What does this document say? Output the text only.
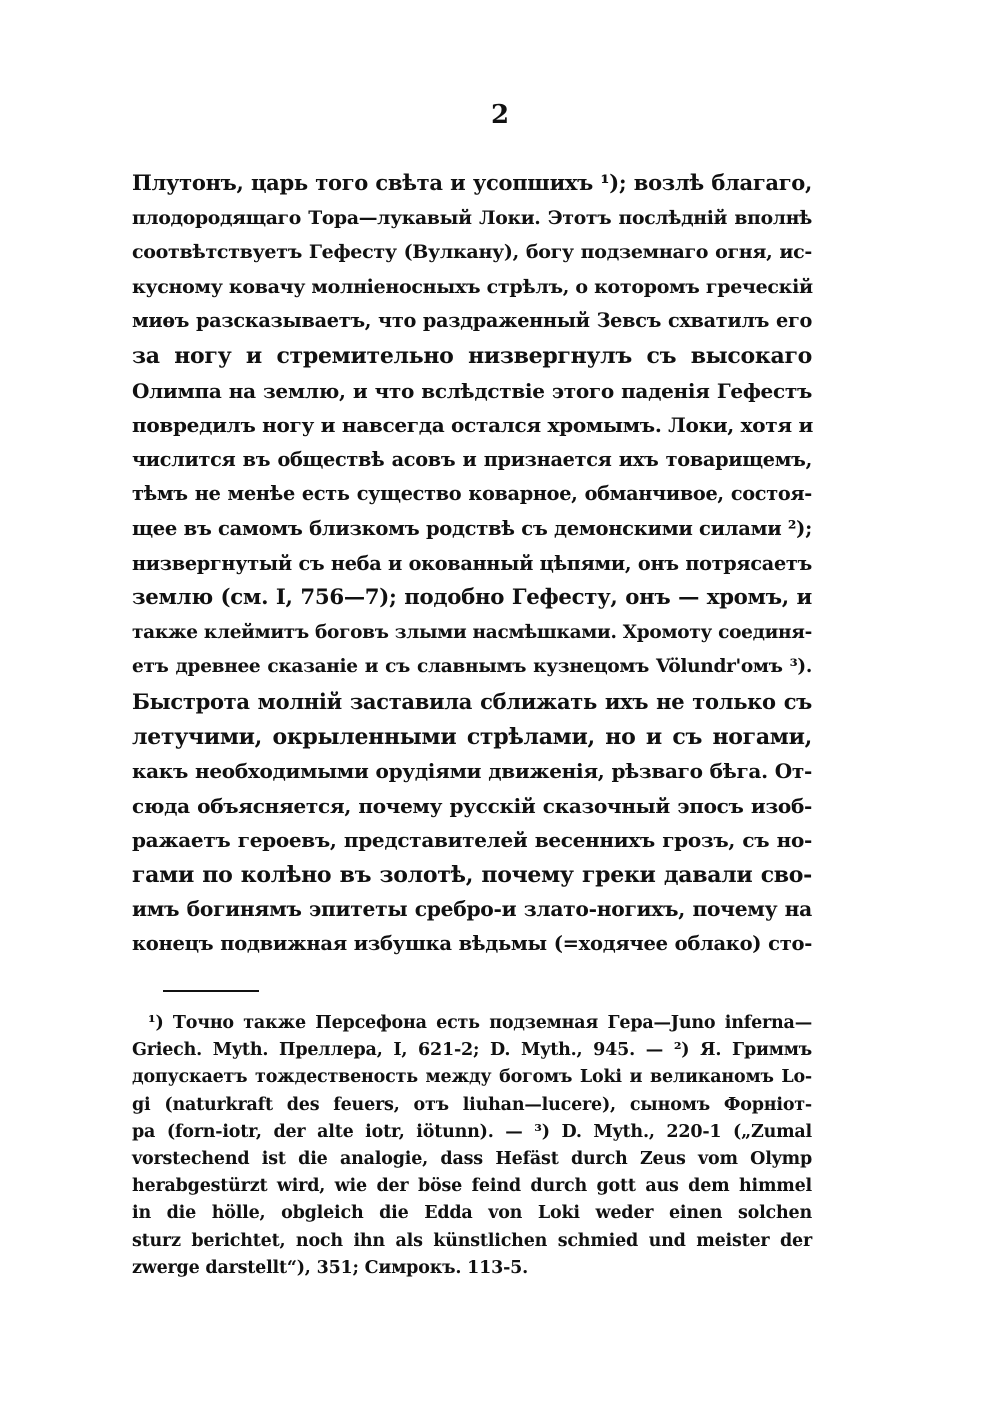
2
Плутонъ, царь того свѣта и усопшихъ ¹); возлѣ благаго,
плодородящаго Тора—лукавый Локи. Этотъ послѣдній вполнѣ
соотвѣтствуетъ Гефесту (Вулкану), богу подземнаго огня, ис-
кусному ковачу молніеносныхъ стрѣлъ, о которомъ греческій
миѳъ разсказываетъ, что раздраженный Зевсъ схватилъ его
за ногу и стремительно низвергнулъ съ высокаго
Олимпа на землю, и что вслѣдствіе этого паденія Гефестъ
повредилъ ногу и навсегда остался хромымъ. Локи, хотя и
числится въ обществѣ асовъ и признается ихъ товарищемъ,
тѣмъ не менѣе есть существо коварное, обманчивое, состоя-
щее въ самомъ близкомъ родствѣ съ демонскими силами ²);
низвергнутый съ неба и окованный цѣпями, онъ потрясаетъ
землю (см. I, 756—7); подобно Гефесту, онъ — хромъ, и
также клеймитъ боговъ злыми насмѣшками. Хромоту соединя-
етъ древнее сказаніе и съ славнымъ кузнецомъ Völundr'омъ ³).
Быстрота молній заставила сближать ихъ не только съ
летучими, окрыленными стрѣлами, но и съ ногами,
какъ необходимыми орудіями движенія, рѣзваго бѣга. От-
сюда объясняется, почему русскій сказочный эпосъ изоб-
ражаетъ героевъ, представителей весеннихъ грозъ, съ но-
гами по колѣно въ золотѣ, почему греки давали сво-
имъ богинямъ эпитеты сребро-и злато-ногихъ, почему на
конецъ подвижная избушка вѣдьмы (=ходячее облако) сто-
¹) Точно также Персефона есть подземная Гера—Juno inferna—
Griech. Myth. Преллера, I, 621-2; D. Myth., 945. — ²) Я. Гриммъ
допускаетъ тождественость между богомъ Loki и великаномъ Lo-
gi (naturkraft des feuers, отъ liuhan—lucere), сыномъ Форніот-
pa (forn-iotr, der alte iotr, iötunn). — ³) D. Myth., 220-1 („Zumal
vorstechend ist die analogie, dass Hefäst durch Zeus vom Olymp
herabgestürzt wird, wie der böse feind durch gott aus dem himmel
in die hölle, obgleich die Edda von Loki weder einen solchen
sturz berichtet, noch ihn als künstlichen schmied und meister der
zwerge darstellt“), 351; Симрокъ. 113-5.
